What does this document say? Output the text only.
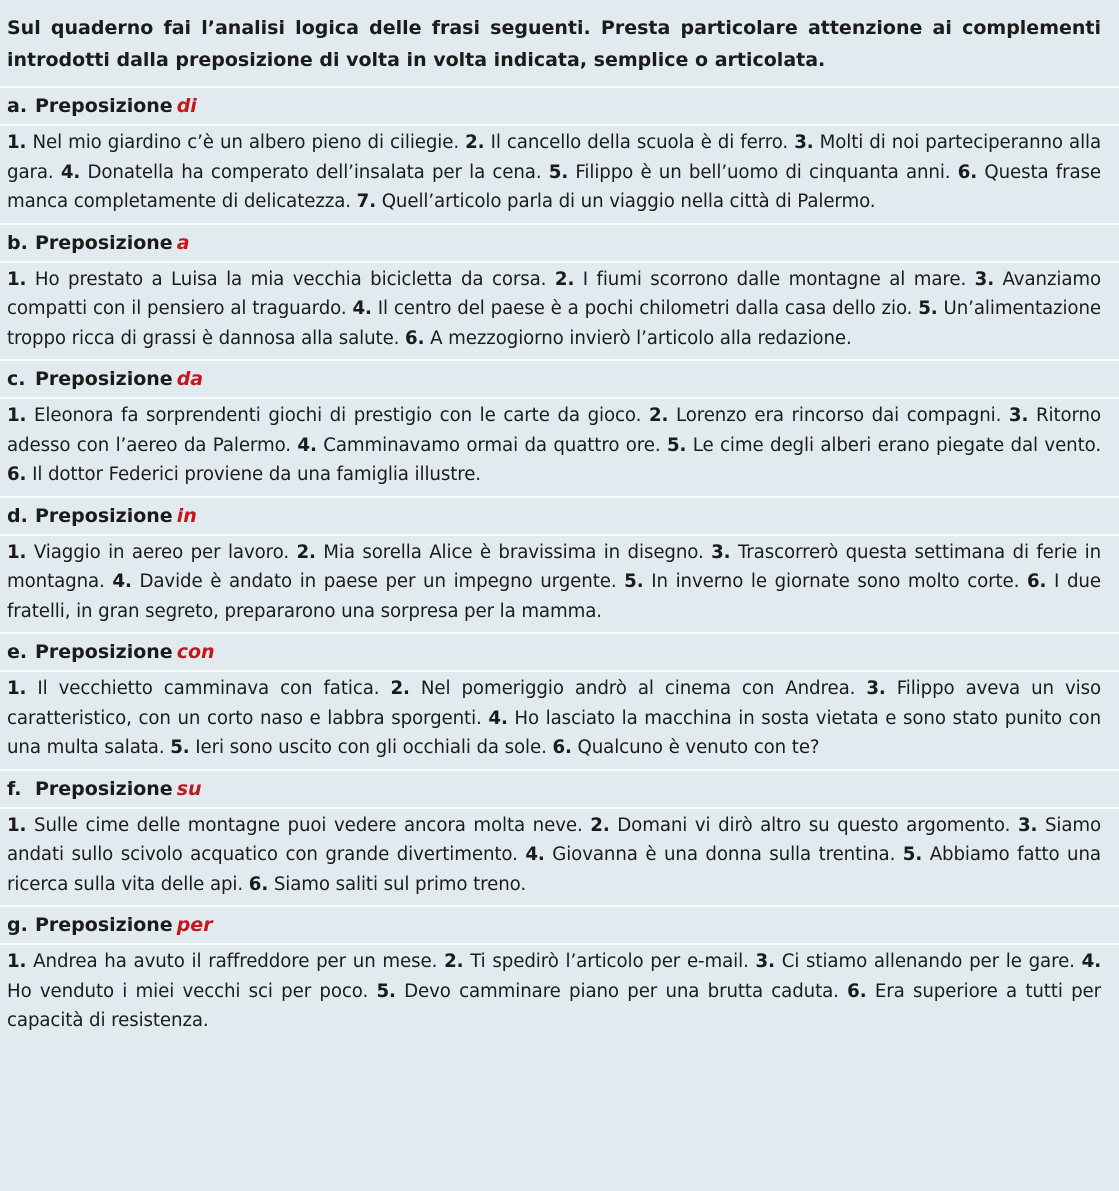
Sul quaderno fai l’analisi logica delle frasi seguenti. Presta particolare attenzione ai complementi introdotti dalla preposizione di volta in volta indicata, semplice o articolata.

a. Preposizione di
1. Nel mio giardino c’è un albero pieno di ciliegie. 2. Il cancello della scuola è di ferro. 3. Molti di noi parteciperanno alla gara. 4. Donatella ha comperato dell’insalata per la cena. 5. Filippo è un bell’uomo di cinquanta anni. 6. Questa frase manca completamente di delicatezza. 7. Quell’articolo parla di un viaggio nella città di Palermo.
b. Preposizione a
1. Ho prestato a Luisa la mia vecchia bicicletta da corsa. 2. I fiumi scorrono dalle montagne al mare. 3. Avanziamo compatti con il pensiero al traguardo. 4. Il centro del paese è a pochi chilometri dalla casa dello zio. 5. Un’alimentazione troppo ricca di grassi è dannosa alla salute. 6. A mezzogiorno invierò l’articolo alla redazione.
c. Preposizione da
1. Eleonora fa sorprendenti giochi di prestigio con le carte da gioco. 2. Lorenzo era rincorso dai compagni. 3. Ritorno adesso con l’aereo da Palermo. 4. Camminavamo ormai da quattro ore. 5. Le cime degli alberi erano piegate dal vento. 6. Il dottor Federici proviene da una famiglia illustre.
d. Preposizione in
1. Viaggio in aereo per lavoro. 2. Mia sorella Alice è bravissima in disegno. 3. Trascorrerò questa settimana di ferie in montagna. 4. Davide è andato in paese per un impegno urgente. 5. In inverno le giornate sono molto corte. 6. I due fratelli, in gran segreto, prepararono una sorpresa per la mamma.
e. Preposizione con
1. Il vecchietto camminava con fatica. 2. Nel pomeriggio andrò al cinema con Andrea. 3. Filippo aveva un viso caratteristico, con un corto naso e labbra sporgenti. 4. Ho lasciato la macchina in sosta vietata e sono stato punito con una multa salata. 5. Ieri sono uscito con gli occhiali da sole. 6. Qualcuno è venuto con te?
f. Preposizione su
1. Sulle cime delle montagne puoi vedere ancora molta neve. 2. Domani vi dirò altro su questo argomento. 3. Siamo andati sullo scivolo acquatico con grande divertimento. 4. Giovanna è una donna sulla trentina. 5. Abbiamo fatto una ricerca sulla vita delle api. 6. Siamo saliti sul primo treno.
g. Preposizione per
1. Andrea ha avuto il raffreddore per un mese. 2. Ti spedirò l’articolo per e-mail. 3. Ci stiamo allenando per le gare. 4. Ho venduto i miei vecchi sci per poco. 5. Devo camminare piano per una brutta caduta. 6. Era superiore a tutti per capacità di resistenza.
